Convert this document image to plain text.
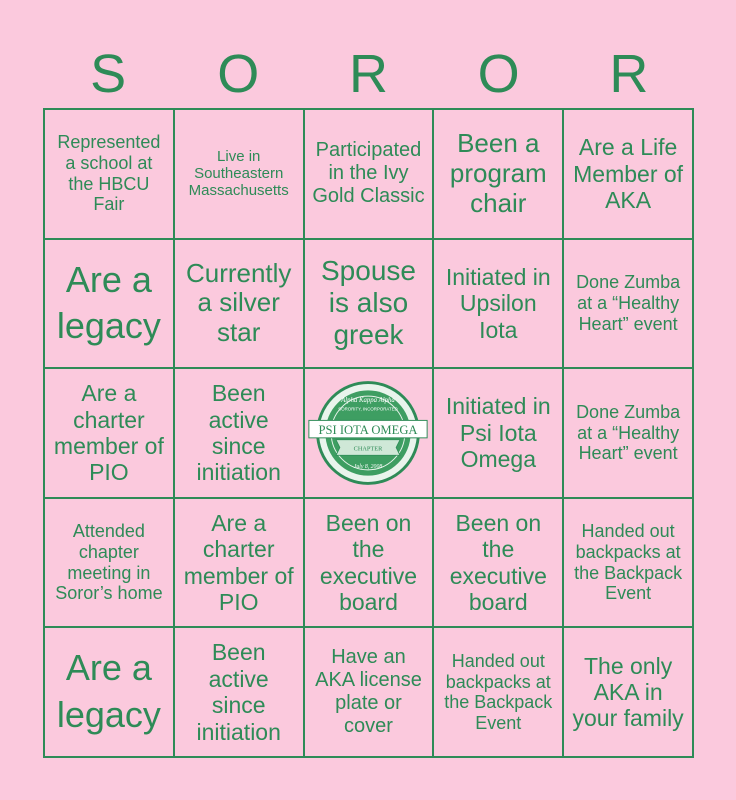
S	O	R	O	R
Represented a school at the HBCU Fair
Live in Southeastern Massachusetts
Participated in the Ivy Gold Classic
Been a program chair
Are a Life Member of AKA
Are a legacy
Currently a silver star
Spouse is also greek
Initiated in Upsilon Iota
Done Zumba at a “Healthy Heart” event
Are a charter member of PIO
Been active since initiation
Alpha Kappa Alpha
SORORITY, INCORPORATED
PSI IOTA OMEGA
CHAPTER
July 8, 2008
Initiated in Psi Iota Omega
Done Zumba at a “Healthy Heart” event
Attended chapter meeting in Soror’s home
Are a charter member of PIO
Been on the executive board
Been on the executive board
Handed out backpacks at the Backpack Event
Are a legacy
Been active since initiation
Have an AKA license plate or cover
Handed out backpacks at the Backpack Event
The only AKA in your family
